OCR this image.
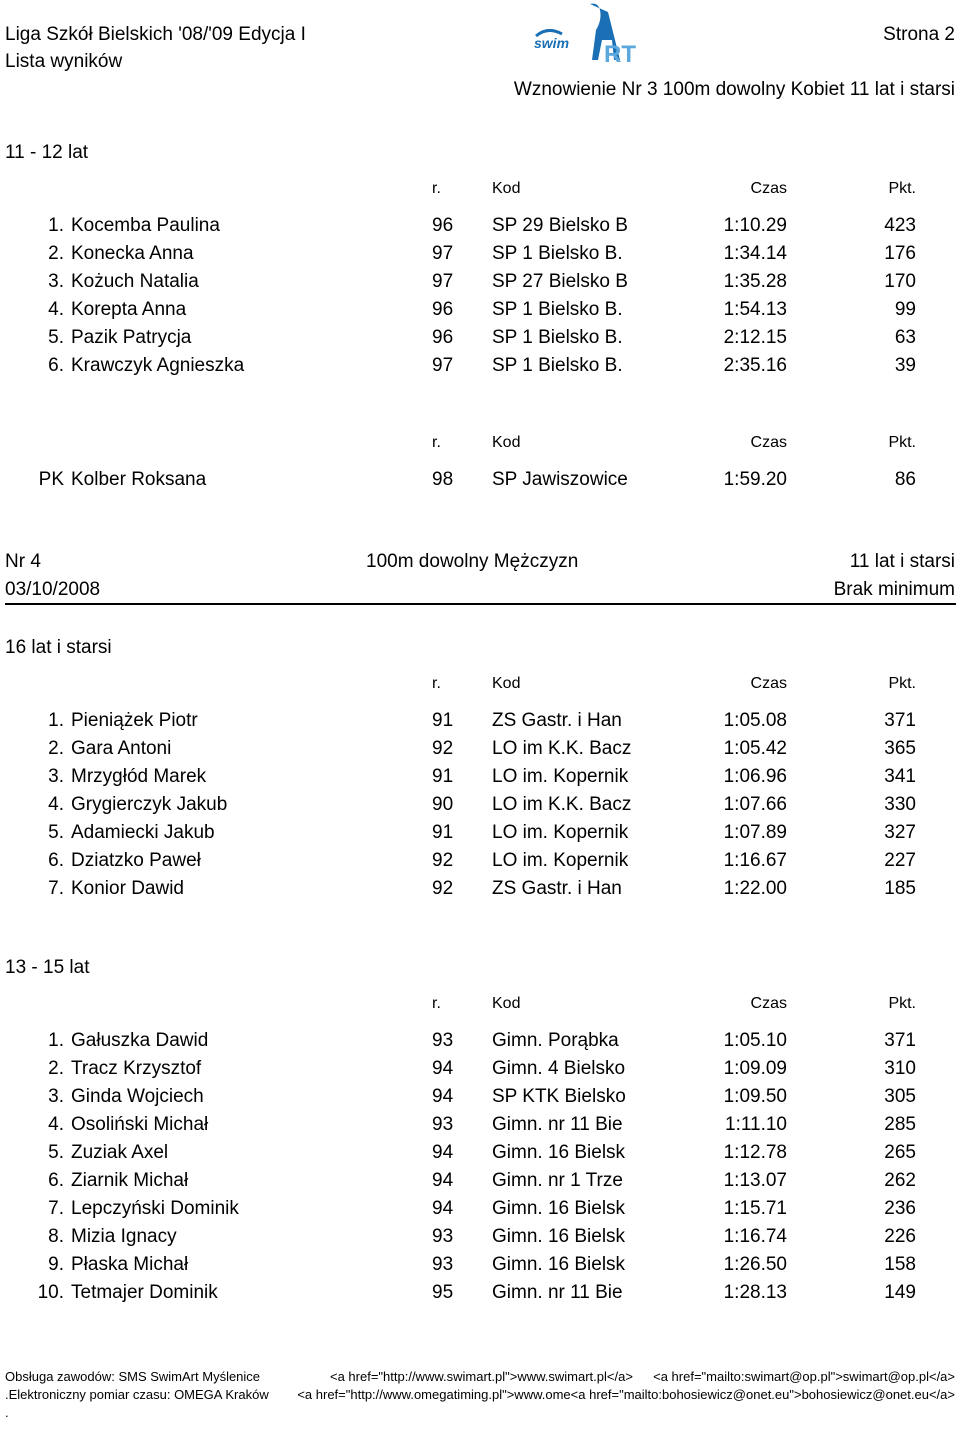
Liga Szkół Bielskich '08/'09 Edycja I
Lista wyników
Strona 2
Wznowienie Nr 3 100m dowolny Kobiet 11 lat i starsi
swim RT
11 - 12 lat
r.	Kod	Czas	Pkt.
1. Kocemba Paulina	96 SP 29 Bielsko B	1:10.29	423
2. Konecka Anna	97 SP 1 Bielsko B.	1:34.14	176
3. Kożuch Natalia	97 SP 27 Bielsko B	1:35.28	170
4. Korepta Anna	96 SP 1 Bielsko B.	1:54.13	99
5. Pazik Patrycja	96 SP 1 Bielsko B.	2:12.15	63
6. Krawczyk Agnieszka	97 SP 1 Bielsko B.	2:35.16	39
r.	Kod	Czas	Pkt.
PK Kolber Roksana	98 SP Jawiszowice	1:59.20	86
Nr 4	100m dowolny Mężczyzn	11 lat i starsi
03/10/2008	Brak minimum
16 lat i starsi
r.	Kod	Czas	Pkt.
1. Pieniążek Piotr	91 ZS Gastr. i Han	1:05.08	371
2. Gara Antoni	92 LO im K.K. Bacz	1:05.42	365
3. Mrzygłód Marek	91 LO im. Kopernik	1:06.96	341
4. Grygierczyk Jakub	90 LO im K.K. Bacz	1:07.66	330
5. Adamiecki Jakub	91 LO im. Kopernik	1:07.89	327
6. Dziatzko Paweł	92 LO im. Kopernik	1:16.67	227
7. Konior Dawid	92 ZS Gastr. i Han	1:22.00	185
13 - 15 lat
r.	Kod	Czas	Pkt.
1. Gałuszka Dawid	93 Gimn. Porąbka	1:05.10	371
2. Tracz Krzysztof	94 Gimn. 4 Bielsko	1:09.09	310
3. Ginda Wojciech	94 SP KTK Bielsko	1:09.50	305
4. Osoliński Michał	93 Gimn. nr 11 Bie	1:11.10	285
5. Zuziak Axel	94 Gimn. 16 Bielsk	1:12.78	265
6. Ziarnik Michał	94 Gimn. nr 1 Trze	1:13.07	262
7. Lepczyński Dominik	94 Gimn. 16 Bielsk	1:15.71	236
8. Mizia Ignacy	93 Gimn. 16 Bielsk	1:16.74	226
9. Płaska Michał	93 Gimn. 16 Bielsk	1:26.50	158
10. Tetmajer Dominik	95 Gimn. nr 11 Bie	1:28.13	149
Obsługa zawodów: SMS SwimArt Myślenice	<a href="http://www.swimart.pl">www.swimart.pl</a> <a href="mailto:swimart@op.pl">swimart@op.pl</a>
.Elektroniczny pomiar czasu: OMEGA Kraków <a href="http://www.omegatiming.pl">www.ome<a href="mailto:bohosiewicz@onet.eu">bohosiewicz@onet.eu</a>
.
